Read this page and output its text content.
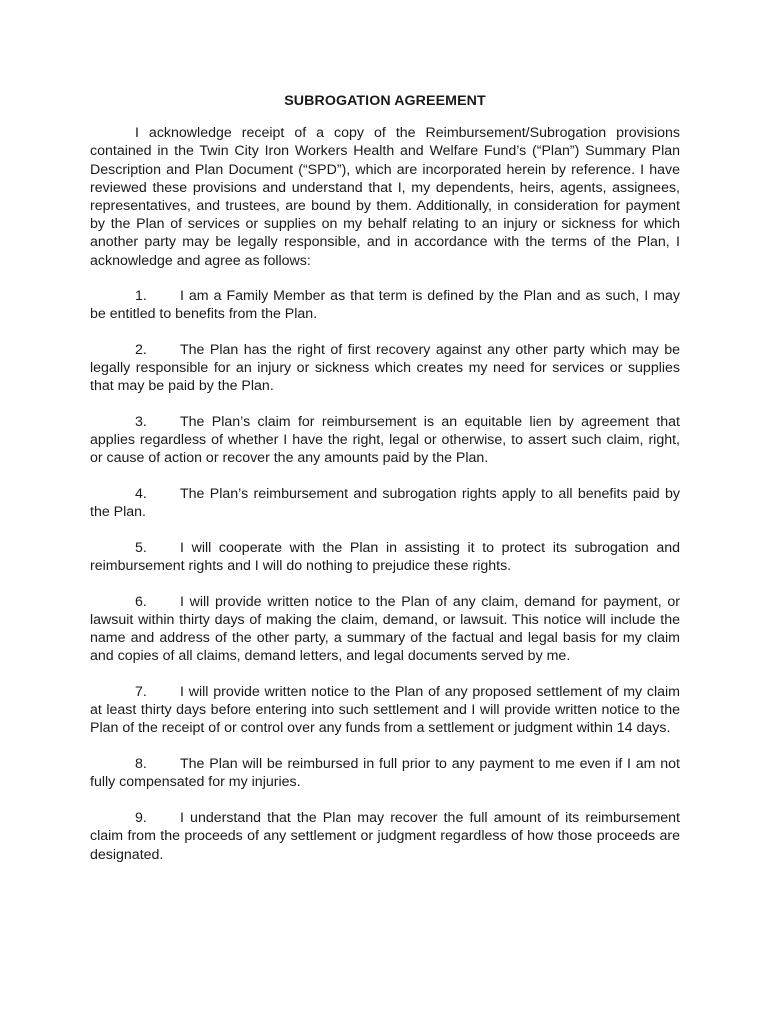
SUBROGATION AGREEMENT

I acknowledge receipt of a copy of the Reimbursement/Subrogation provisions contained in the Twin City Iron Workers Health and Welfare Fund’s (“Plan”) Summary Plan Description and Plan Document (“SPD”), which are incorporated herein by reference. I have reviewed these provisions and understand that I, my dependents, heirs, agents, assignees, representatives, and trustees, are bound by them. Additionally, in consideration for payment by the Plan of services or supplies on my behalf relating to an injury or sickness for which another party may be legally responsible, and in accordance with the terms of the Plan, I acknowledge and agree as follows:

1. I am a Family Member as that term is defined by the Plan and as such, I may be entitled to benefits from the Plan.

2. The Plan has the right of first recovery against any other party which may be legally responsible for an injury or sickness which creates my need for services or supplies that may be paid by the Plan.

3. The Plan’s claim for reimbursement is an equitable lien by agreement that applies regardless of whether I have the right, legal or otherwise, to assert such claim, right, or cause of action or recover the any amounts paid by the Plan.

4. The Plan’s reimbursement and subrogation rights apply to all benefits paid by the Plan.

5. I will cooperate with the Plan in assisting it to protect its subrogation and reimbursement rights and I will do nothing to prejudice these rights.

6. I will provide written notice to the Plan of any claim, demand for payment, or lawsuit within thirty days of making the claim, demand, or lawsuit. This notice will include the name and address of the other party, a summary of the factual and legal basis for my claim and copies of all claims, demand letters, and legal documents served by me.

7. I will provide written notice to the Plan of any proposed settlement of my claim at least thirty days before entering into such settlement and I will provide written notice to the Plan of the receipt of or control over any funds from a settlement or judgment within 14 days.

8. The Plan will be reimbursed in full prior to any payment to me even if I am not fully compensated for my injuries.

9. I understand that the Plan may recover the full amount of its reimbursement claim from the proceeds of any settlement or judgment regardless of how those proceeds are designated.
